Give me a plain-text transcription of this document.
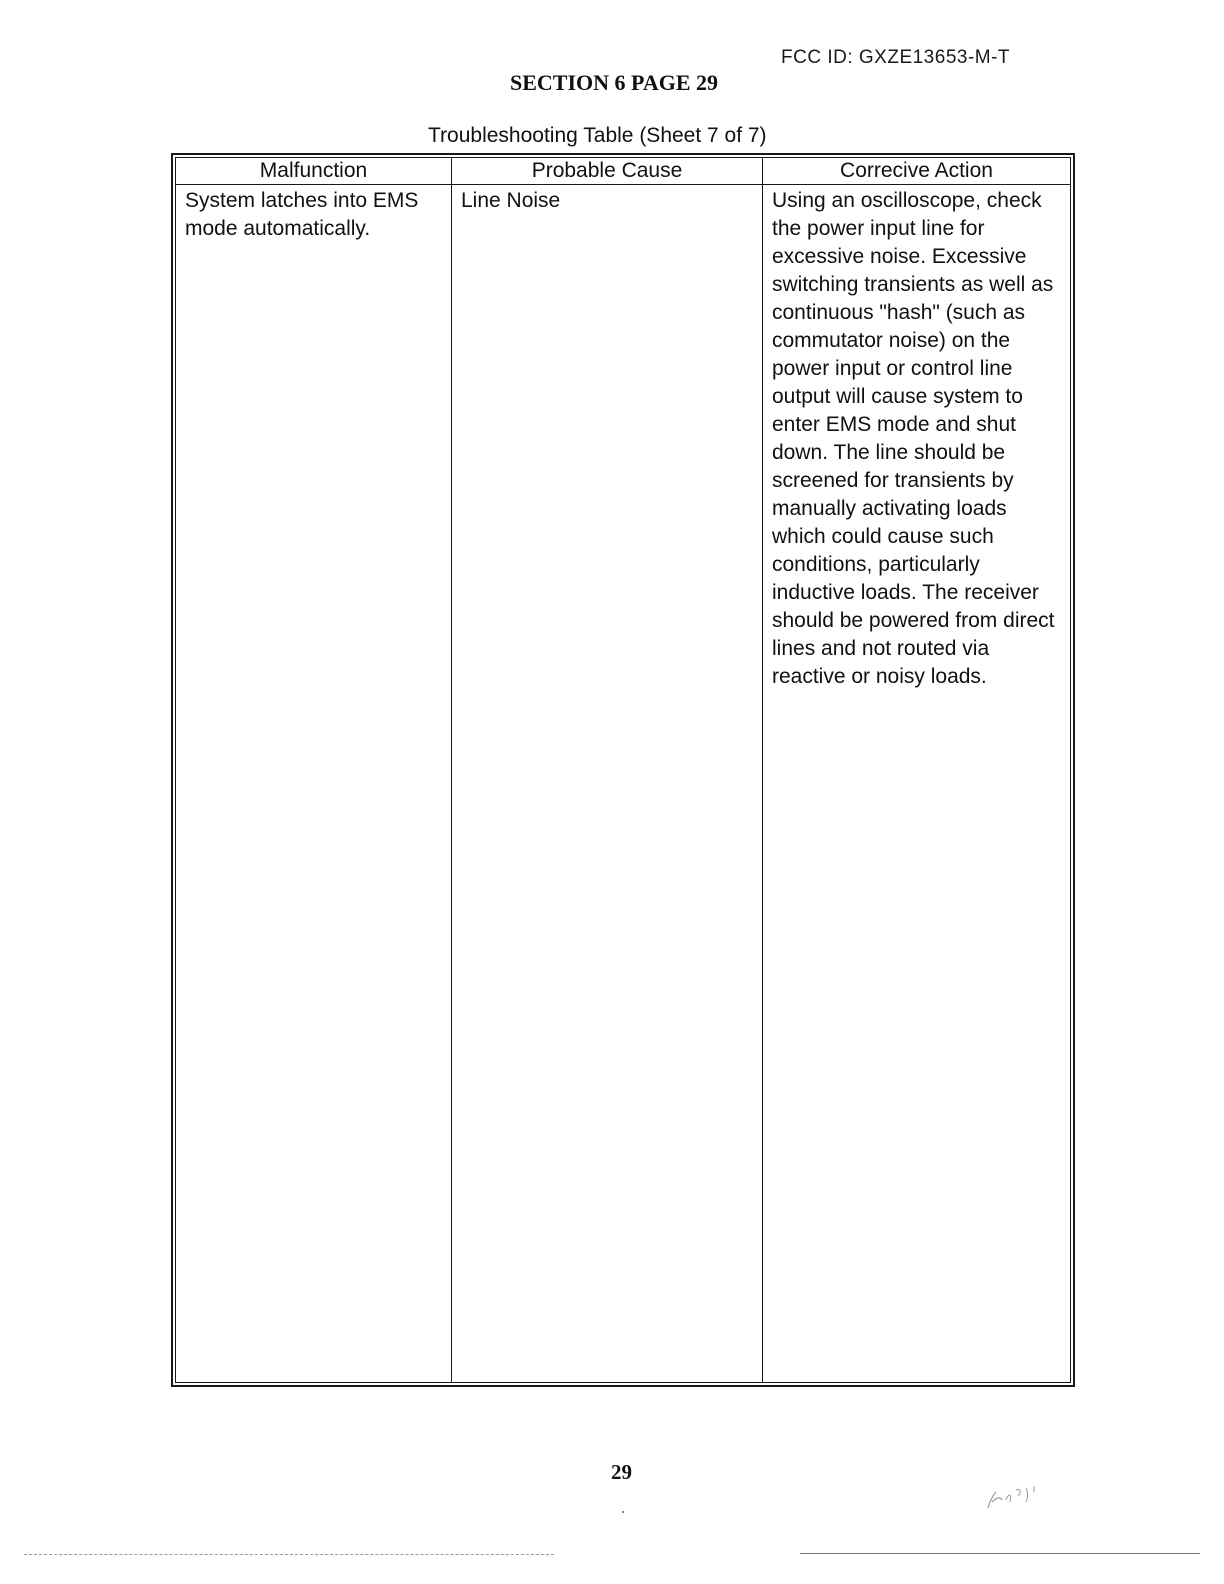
FCC ID: GXZE13653-M-T
SECTION 6 PAGE 29
Troubleshooting Table (Sheet 7 of 7)
Malfunction	Probable Cause	Correcive Action
System latches into EMS mode automatically.	Line Noise	Using an oscilloscope, check the power input line for excessive noise. Excessive switching transients as well as continuous "hash" (such as commutator noise) on the power input or control line output will cause system to enter EMS mode and shut down. The line should be screened for transients by manually activating loads which could cause such conditions, particularly inductive loads. The receiver should be powered from direct lines and not routed via reactive or noisy loads.
29
